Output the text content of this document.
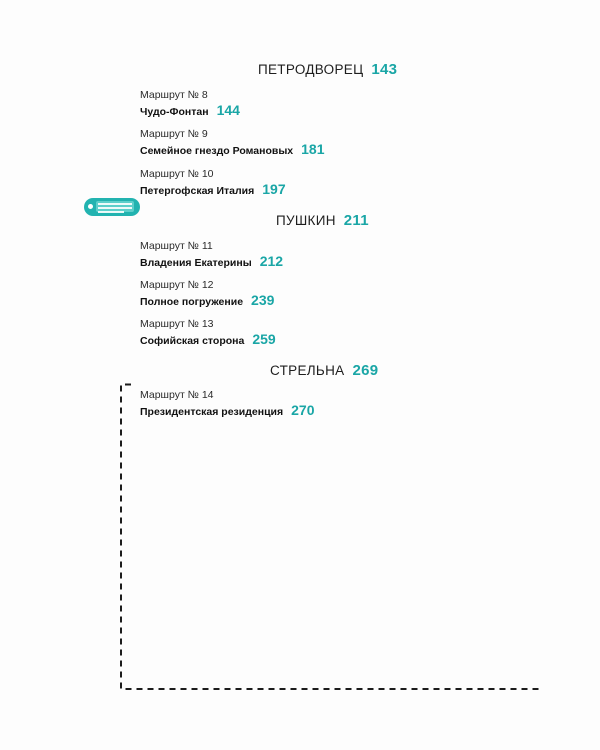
ПЕТРОДВОРЕЦ 143
Маршрут № 8
Чудо-Фонтан 144
Маршрут № 9
Семейное гнездо Романовых 181
Маршрут № 10
Петергофская Италия 197
ПУШКИН 211
Маршрут № 11
Владения Екатерины 212
Маршрут № 12
Полное погружение 239
Маршрут № 13
Софийская сторона 259
СТРЕЛЬНА 269
Маршрут № 14
Президентская резиденция 270
